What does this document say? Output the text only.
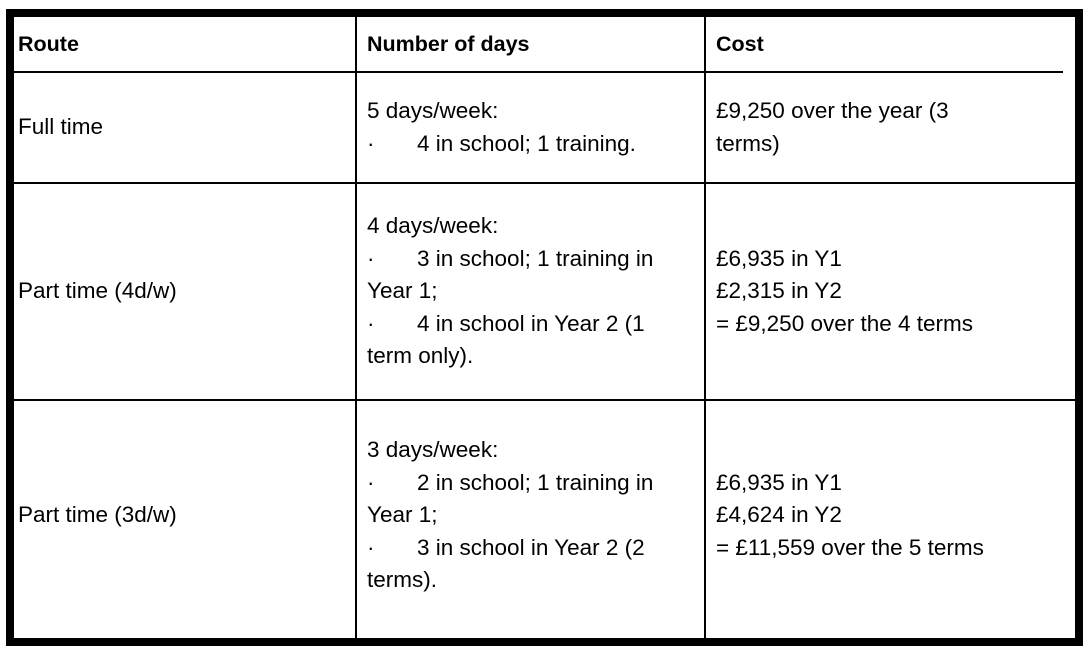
Route	Number of days	Cost
Full time
5 days/week:
· 4 in school; 1 training.
£9,250 over the year (3
terms)
Part time (4d/w)
4 days/week:
· 3 in school; 1 training in
Year 1;
· 4 in school in Year 2 (1
term only).
£6,935 in Y1
£2,315 in Y2
= £9,250 over the 4 terms
Part time (3d/w)
3 days/week:
· 2 in school; 1 training in
Year 1;
· 3 in school in Year 2 (2
terms).
£6,935 in Y1
£4,624 in Y2
= £11,559 over the 5 terms
